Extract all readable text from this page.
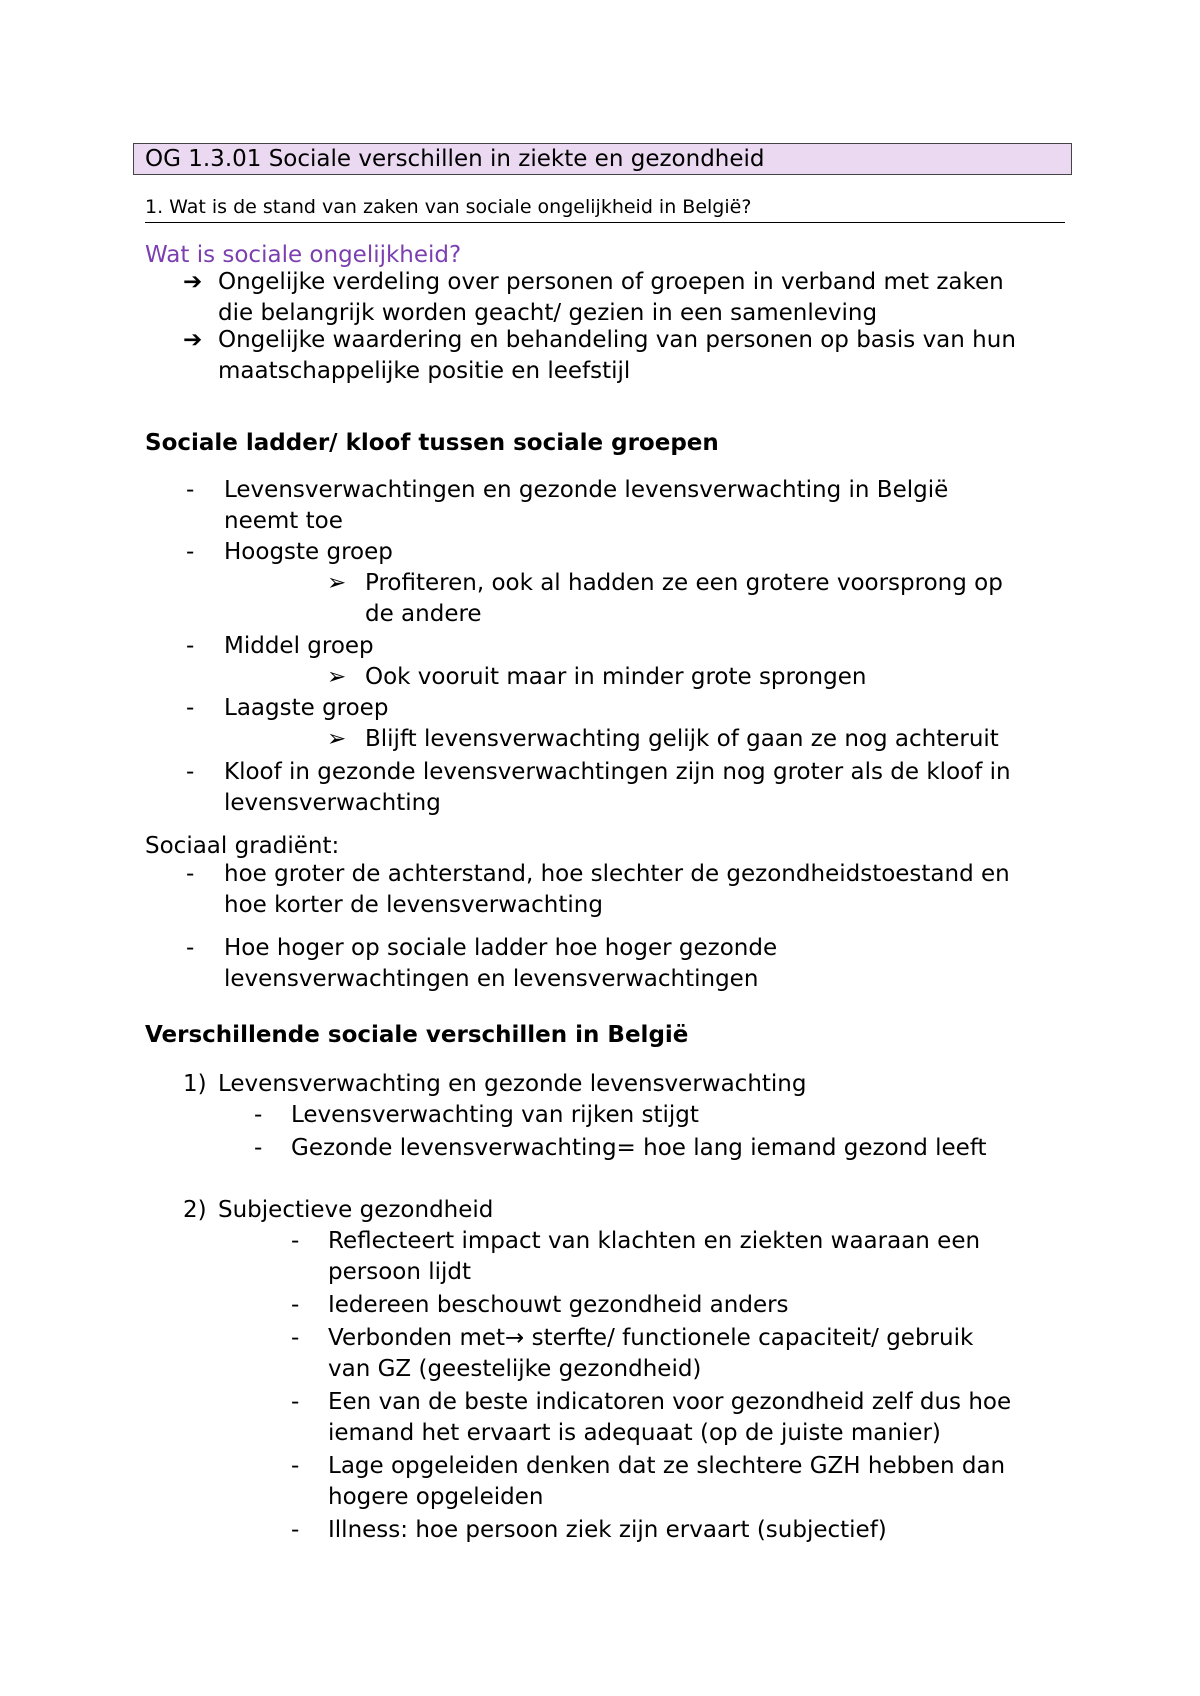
OG 1.3.01 Sociale verschillen in ziekte en gezondheid
1. Wat is de stand van zaken van sociale ongelijkheid in België?
Wat is sociale ongelijkheid?
➔ Ongelijke verdeling over personen of groepen in verband met zaken
die belangrijk worden geacht/ gezien in een samenleving
➔ Ongelijke waardering en behandeling van personen op basis van hun
maatschappelijke positie en leefstijl
Sociale ladder/ kloof tussen sociale groepen
- Levensverwachtingen en gezonde levensverwachting in België
neemt toe
- Hoogste groep
➢ Profiteren, ook al hadden ze een grotere voorsprong op
de andere
- Middel groep
➢ Ook vooruit maar in minder grote sprongen
- Laagste groep
➢ Blijft levensverwachting gelijk of gaan ze nog achteruit
- Kloof in gezonde levensverwachtingen zijn nog groter als de kloof in
levensverwachting
Sociaal gradiënt:
- hoe groter de achterstand, hoe slechter de gezondheidstoestand en
hoe korter de levensverwachting
- Hoe hoger op sociale ladder hoe hoger gezonde
levensverwachtingen en levensverwachtingen
Verschillende sociale verschillen in België
1) Levensverwachting en gezonde levensverwachting
- Levensverwachting van rijken stijgt
- Gezonde levensverwachting= hoe lang iemand gezond leeft
2) Subjectieve gezondheid
- Reflecteert impact van klachten en ziekten waaraan een
persoon lijdt
- Iedereen beschouwt gezondheid anders
- Verbonden met→ sterfte/ functionele capaciteit/ gebruik
van GZ (geestelijke gezondheid)
- Een van de beste indicatoren voor gezondheid zelf dus hoe
iemand het ervaart is adequaat (op de juiste manier)
- Lage opgeleiden denken dat ze slechtere GZH hebben dan
hogere opgeleiden
- Illness: hoe persoon ziek zijn ervaart (subjectief)
